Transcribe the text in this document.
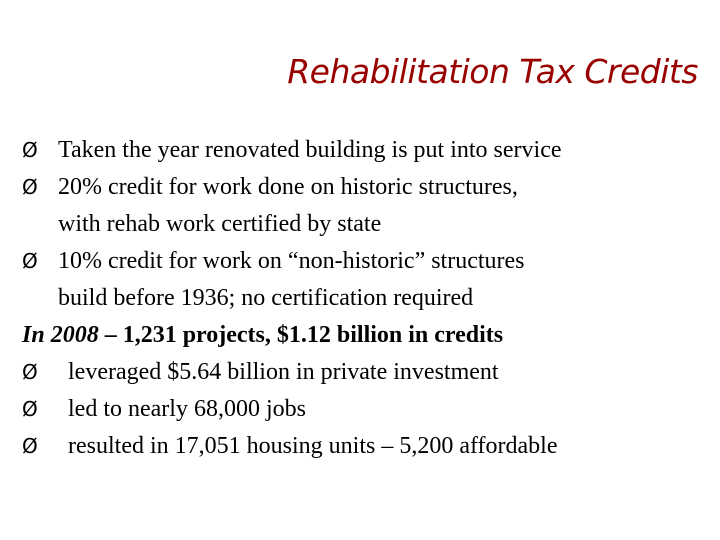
Rehabilitation Tax Credits
Ø Taken the year renovated building is put into service
Ø 20% credit for work done on historic structures,
with rehab work certified by state
Ø 10% credit for work on “non-historic” structures
build before 1936; no certification required
In 2008 – 1,231 projects, $1.12 billion in credits
Ø	leveraged $5.64 billion in private investment
Ø	led to nearly 68,000 jobs
Ø	resulted in 17,051 housing units – 5,200 affordable
